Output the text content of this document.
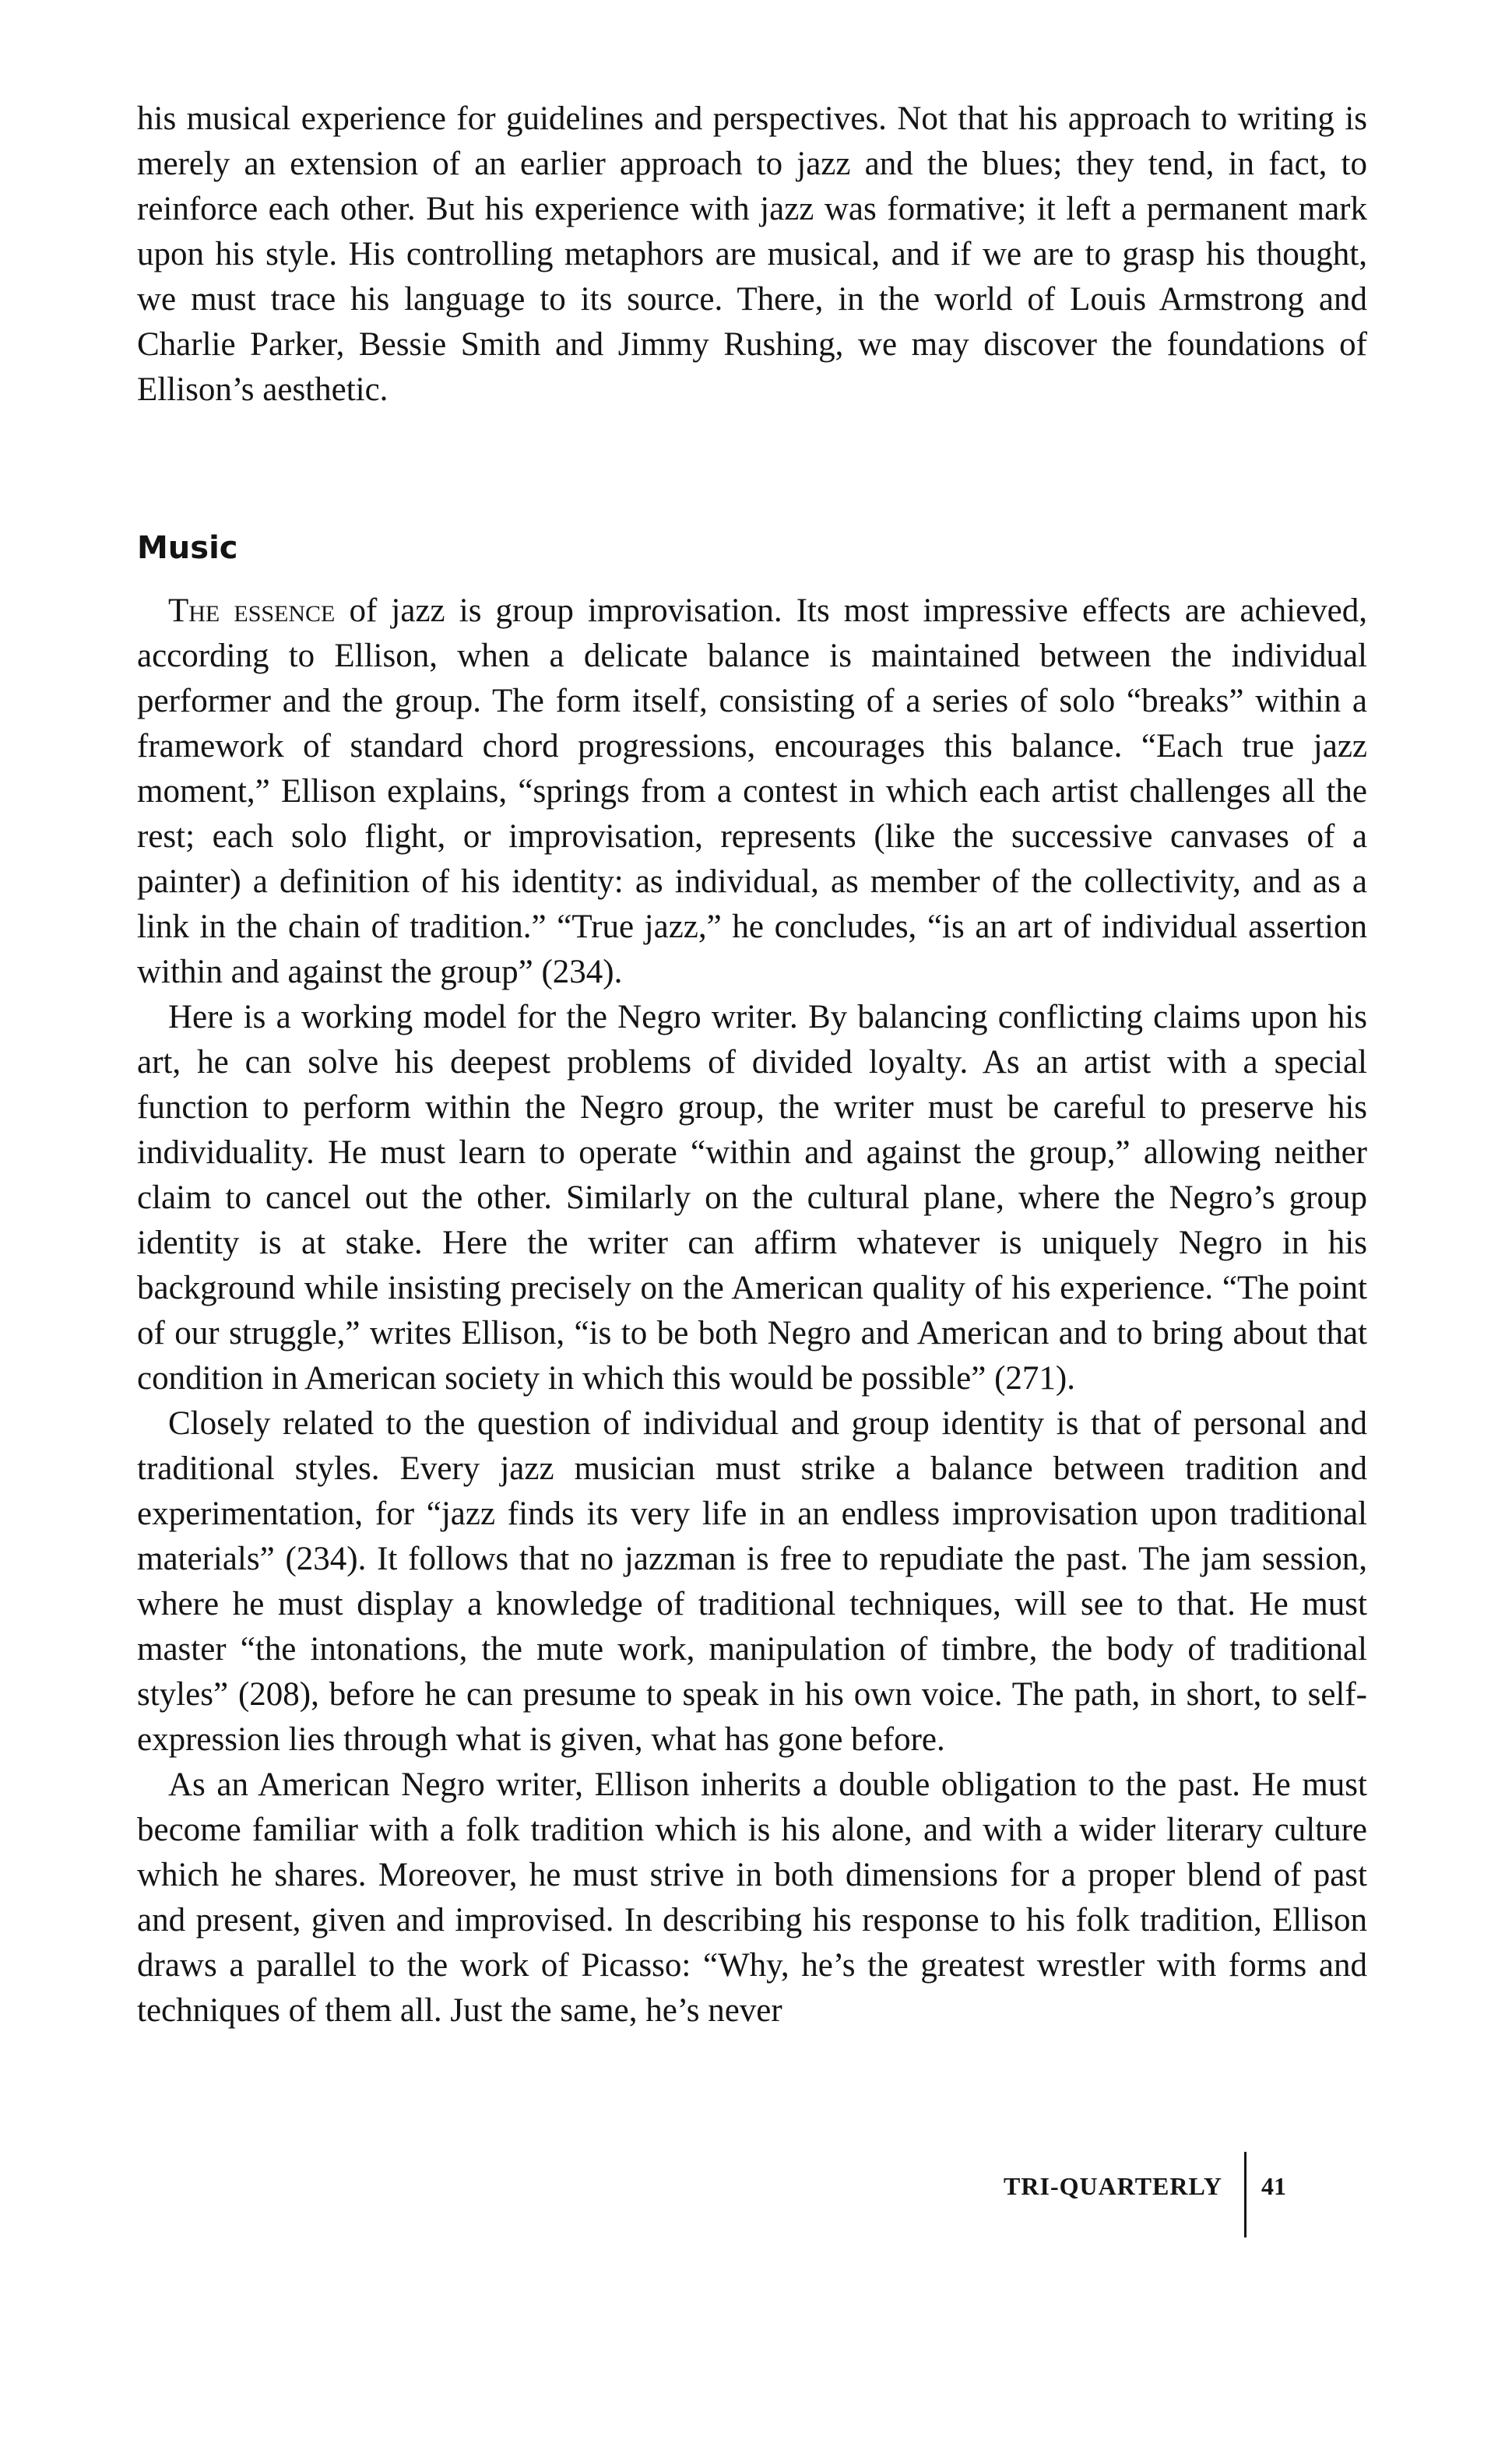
his musical experience for guidelines and perspectives. Not that his approach to writing is merely an extension of an earlier approach to jazz and the blues; they tend, in fact, to reinforce each other. But his experience with jazz was formative; it left a permanent mark upon his style. His controlling metaphors are musical, and if we are to grasp his thought, we must trace his language to its source. There, in the world of Louis Armstrong and Charlie Parker, Bessie Smith and Jimmy Rushing, we may discover the foundations of Ellison’s aesthetic.

Music

The essence of jazz is group improvisation. Its most impressive effects are achieved, according to Ellison, when a delicate balance is maintained between the individual performer and the group. The form itself, consisting of a series of solo “breaks” within a framework of standard chord progressions, encourages this balance. “Each true jazz moment,” Ellison explains, “springs from a contest in which each artist challenges all the rest; each solo flight, or improvisation, represents (like the successive canvases of a painter) a definition of his identity: as individual, as member of the collectivity, and as a link in the chain of tradition.” “True jazz,” he concludes, “is an art of individual assertion within and against the group” (234).

Here is a working model for the Negro writer. By balancing conflicting claims upon his art, he can solve his deepest problems of divided loyalty. As an artist with a special function to perform within the Negro group, the writer must be careful to preserve his individuality. He must learn to operate “within and against the group,” allowing neither claim to cancel out the other. Similarly on the cultural plane, where the Negro’s group identity is at stake. Here the writer can affirm whatever is uniquely Negro in his background while insisting precisely on the American quality of his experience. “The point of our struggle,” writes Ellison, “is to be both Negro and American and to bring about that condition in American society in which this would be possible” (271).

Closely related to the question of individual and group identity is that of personal and traditional styles. Every jazz musician must strike a balance between tradition and experimentation, for “jazz finds its very life in an endless improvisation upon traditional materials” (234). It follows that no jazzman is free to repudiate the past. The jam session, where he must display a knowledge of traditional techniques, will see to that. He must master “the intonations, the mute work, manipulation of timbre, the body of traditional styles” (208), before he can presume to speak in his own voice. The path, in short, to self-expression lies through what is given, what has gone before.

As an American Negro writer, Ellison inherits a double obligation to the past. He must become familiar with a folk tradition which is his alone, and with a wider literary culture which he shares. Moreover, he must strive in both dimensions for a proper blend of past and present, given and improvised. In describing his response to his folk tradition, Ellison draws a parallel to the work of Picasso: “Why, he’s the greatest wrestler with forms and techniques of them all. Just the same, he’s never

TRI-QUARTERLY 41
